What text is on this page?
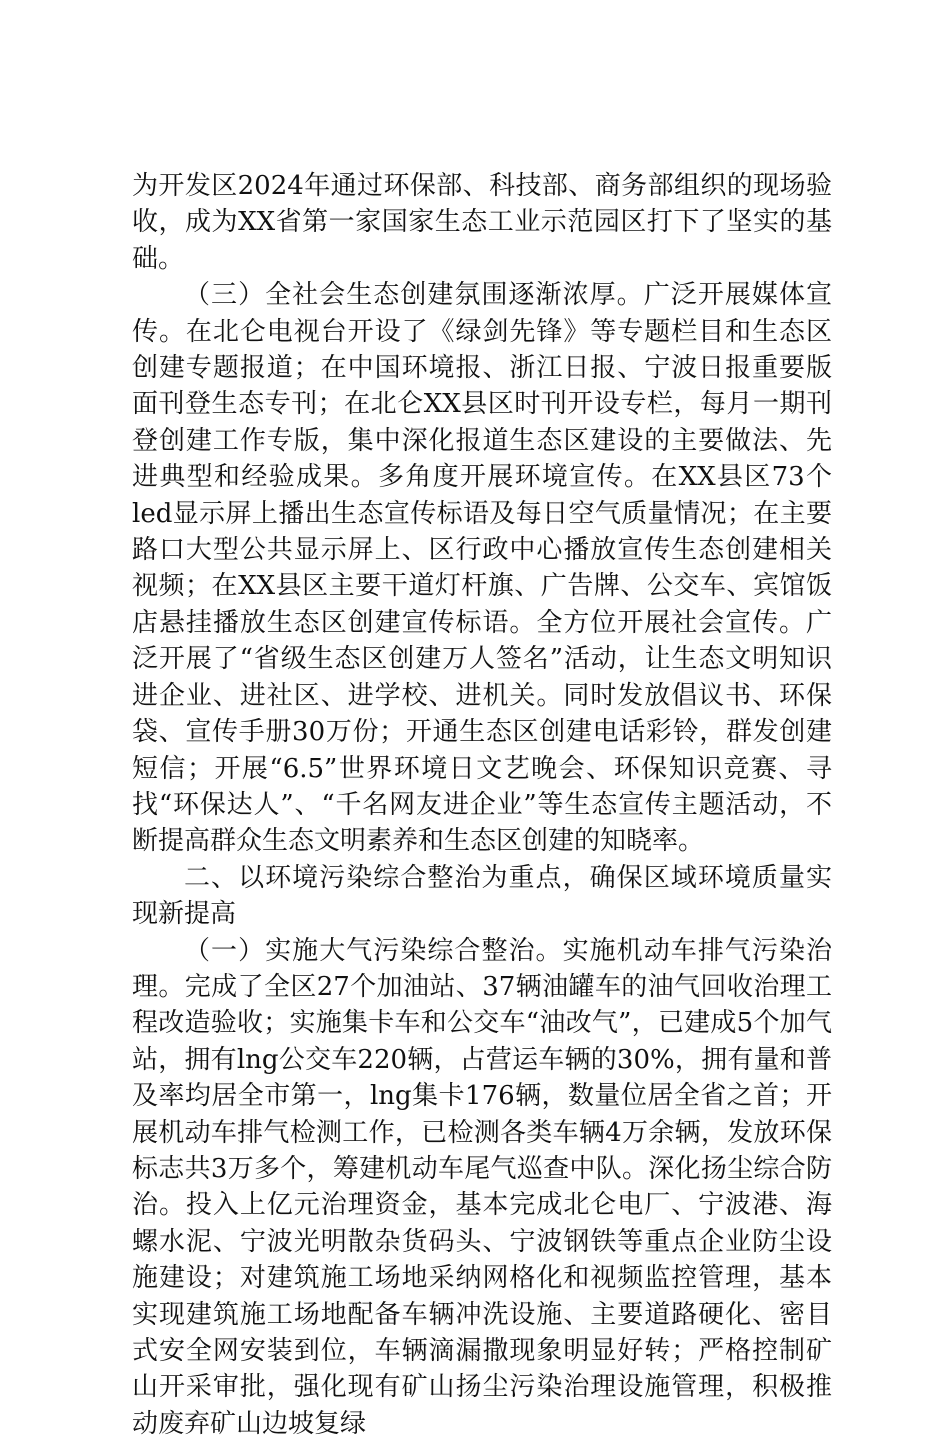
为开发区2024年通过环保部、科技部、商务部组织的现场验收，成为XX省第一家国家生态工业示范园区打下了坚实的基础。

（三）全社会生态创建氛围逐渐浓厚。广泛开展媒体宣传。在北仑电视台开设了《绿剑先锋》等专题栏目和生态区创建专题报道；在中国环境报、浙江日报、宁波日报重要版面刊登生态专刊；在北仑XX县区时刊开设专栏，每月一期刊登创建工作专版，集中深化报道生态区建设的主要做法、先进典型和经验成果。多角度开展环境宣传。在XX县区73个led显示屏上播出生态宣传标语及每日空气质量情况；在主要路口大型公共显示屏上、区行政中心播放宣传生态创建相关视频；在XX县区主要干道灯杆旗、广告牌、公交车、宾馆饭店悬挂播放生态区创建宣传标语。全方位开展社会宣传。广泛开展了“省级生态区创建万人签名”活动，让生态文明知识进企业、进社区、进学校、进机关。同时发放倡议书、环保袋、宣传手册30万份；开通生态区创建电话彩铃，群发创建短信；开展“6.5”世界环境日文艺晚会、环保知识竞赛、寻找“环保达人”、“千名网友进企业”等生态宣传主题活动，不断提高群众生态文明素养和生态区创建的知晓率。

二、以环境污染综合整治为重点，确保区域环境质量实现新提高

（一）实施大气污染综合整治。实施机动车排气污染治理。完成了全区27个加油站、37辆油罐车的油气回收治理工程改造验收；实施集卡车和公交车“油改气”，已建成5个加气站，拥有lng公交车220辆，占营运车辆的30%，拥有量和普及率均居全市第一，lng集卡176辆，数量位居全省之首；开展机动车排气检测工作，已检测各类车辆4万余辆，发放环保标志共3万多个，筹建机动车尾气巡查中队。深化扬尘综合防治。投入上亿元治理资金，基本完成北仑电厂、宁波港、海螺水泥、宁波光明散杂货码头、宁波钢铁等重点企业防尘设施建设；对建筑施工场地采纳网格化和视频监控管理，基本实现建筑施工场地配备车辆冲洗设施、主要道路硬化、密目式安全网安装到位，车辆滴漏撒现象明显好转；严格控制矿山开采审批，强化现有矿山扬尘污染治理设施管理，积极推动废弃矿山边坡复绿
